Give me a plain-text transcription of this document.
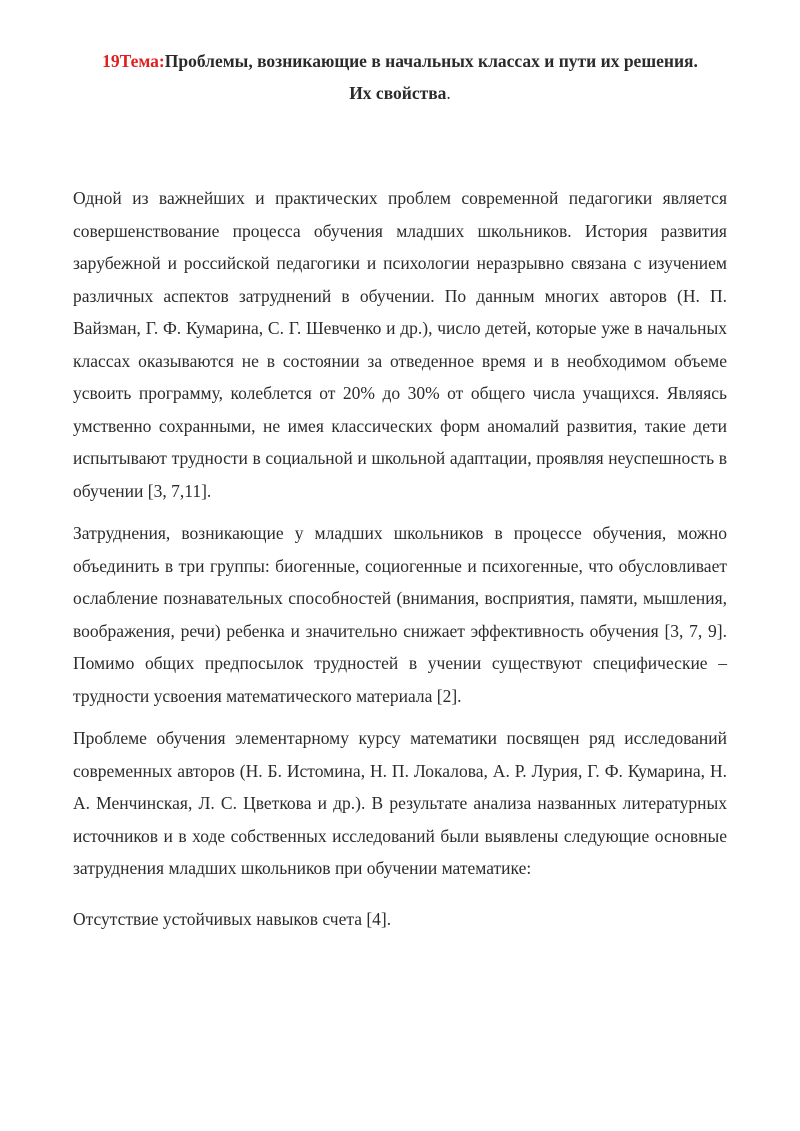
19Тема:Проблемы, возникающие в начальных классах и пути их решения.
Их свойства.

Одной из важнейших и практических проблем современной педагогики является совершенствование процесса обучения младших школьников. История развития зарубежной и российской педагогики и психологии неразрывно связана с изучением различных аспектов затруднений в обучении. По данным многих авторов (Н. П. Вайзман, Г. Ф. Кумарина, С. Г. Шевченко и др.), число детей, которые уже в начальных классах оказываются не в состоянии за отведенное время и в необходимом объеме усвоить программу, колеблется от 20% до 30% от общего числа учащихся. Являясь умственно сохранными, не имея классических форм аномалий развития, такие дети испытывают трудности в социальной и школьной адаптации, проявляя неуспешность в обучении [3, 7,11].

Затруднения, возникающие у младших школьников в процессе обучения, можно объединить в три группы: биогенные, социогенные и психогенные, что обусловливает ослабление познавательных способностей (внимания, восприятия, памяти, мышления, воображения, речи) ребенка и значительно снижает эффективность обучения [3, 7, 9]. Помимо общих предпосылок трудностей в учении существуют специфические – трудности усвоения математического материала [2].

Проблеме обучения элементарному курсу математики посвящен ряд исследований современных авторов (Н. Б. Истомина, Н. П. Локалова, А. Р. Лурия, Г. Ф. Кумарина, Н. А. Менчинская, Л. С. Цветкова и др.). В результате анализа названных литературных источников и в ходе собственных исследований были выявлены следующие основные затруднения младших школьников при обучении математике:

Отсутствие устойчивых навыков счета [4].
